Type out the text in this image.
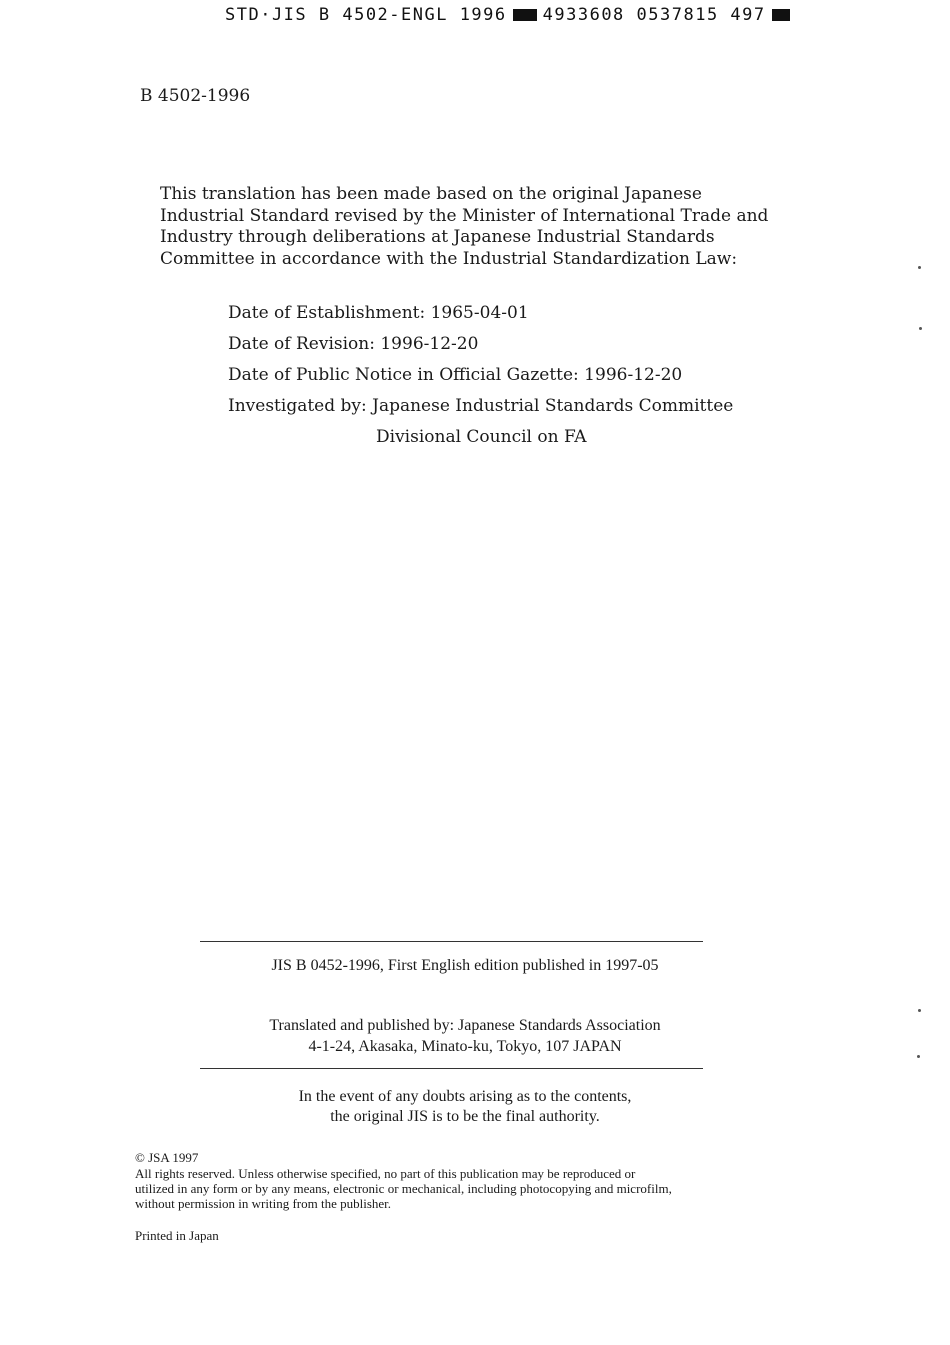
STD·JIS B 4502-ENGL 1996 4933608 0537815 497
B 4502-1996

This translation has been made based on the original Japanese Industrial Standard revised by the Minister of International Trade and Industry through deliberations at Japanese Industrial Standards Committee in accordance with the Industrial Standardization Law:

Date of Establishment: 1965-04-01
Date of Revision: 1996-12-20
Date of Public Notice in Official Gazette: 1996-12-20
Investigated by: Japanese Industrial Standards Committee
Divisional Council on FA
JIS B 0452-1996, First English edition published in 1997-05
Translated and published by: Japanese Standards Association
4-1-24, Akasaka, Minato-ku, Tokyo, 107 JAPAN
In the event of any doubts arising as to the contents,
the original JIS is to be the final authority.
© JSA 1997
All rights reserved. Unless otherwise specified, no part of this publication may be reproduced or
utilized in any form or by any means, electronic or mechanical, including photocopying and microfilm,
without permission in writing from the publisher.
Printed in Japan
